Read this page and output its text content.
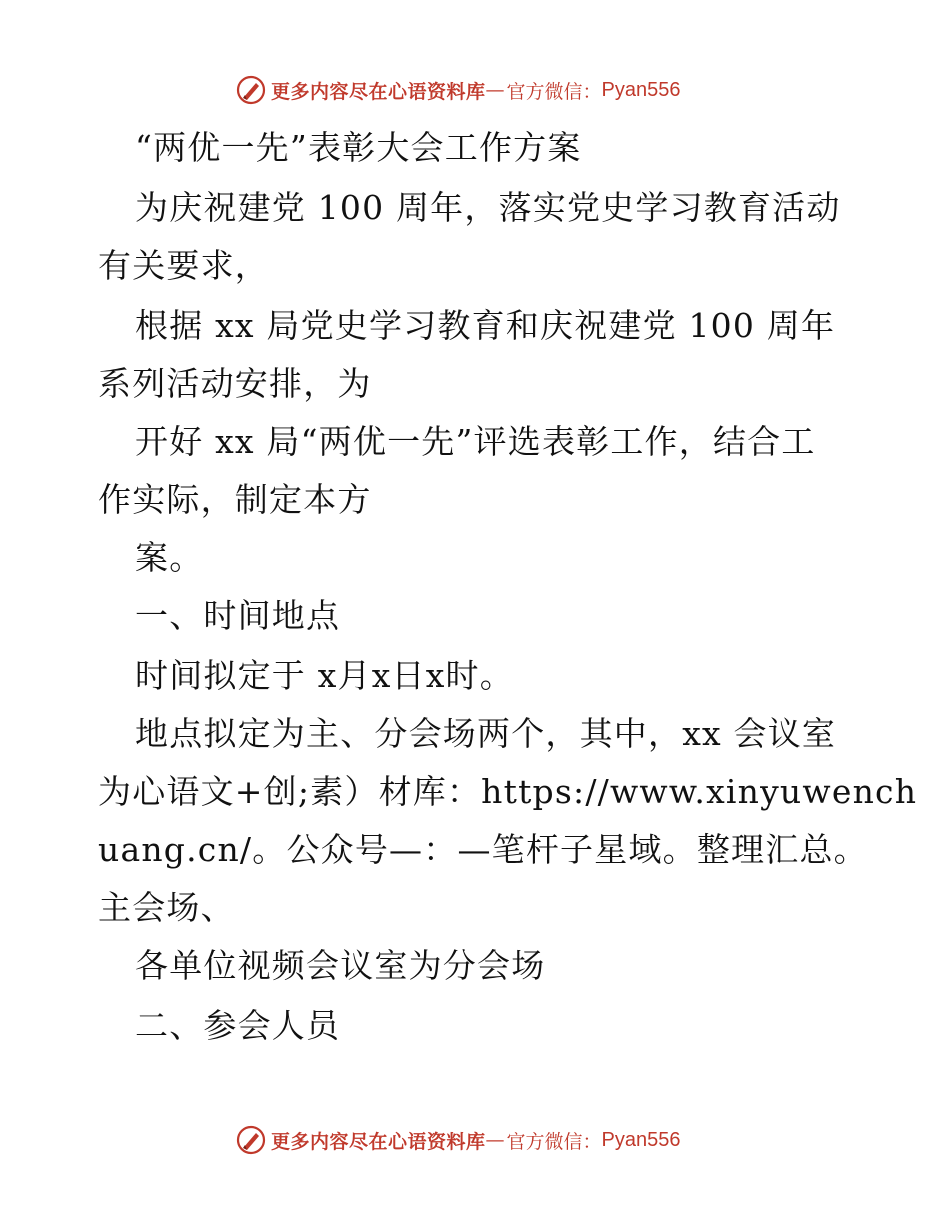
更多内容尽在心语资料库 — 官方微信： Pyan556
“两优一先”表彰大会工作方案
为庆祝建党 100 周年，落实党史学习教育活动
有关要求，
根据 xx 局党史学习教育和庆祝建党 100 周年
系列活动安排，为
开好 xx 局“两优一先”评选表彰工作，结合工
作实际，制定本方
案。
一、时间地点
时间拟定于 x月x日x时。
地点拟定为主、分会场两个，其中，xx 会议室
为心语文+创;素）材库：https://www.xinyuwench
uang.cn/。公众号—：—笔杆子星域。整理汇总。
主会场、
各单位视频会议室为分会场
二、参会人员
更多内容尽在心语资料库 — 官方微信： Pyan556
